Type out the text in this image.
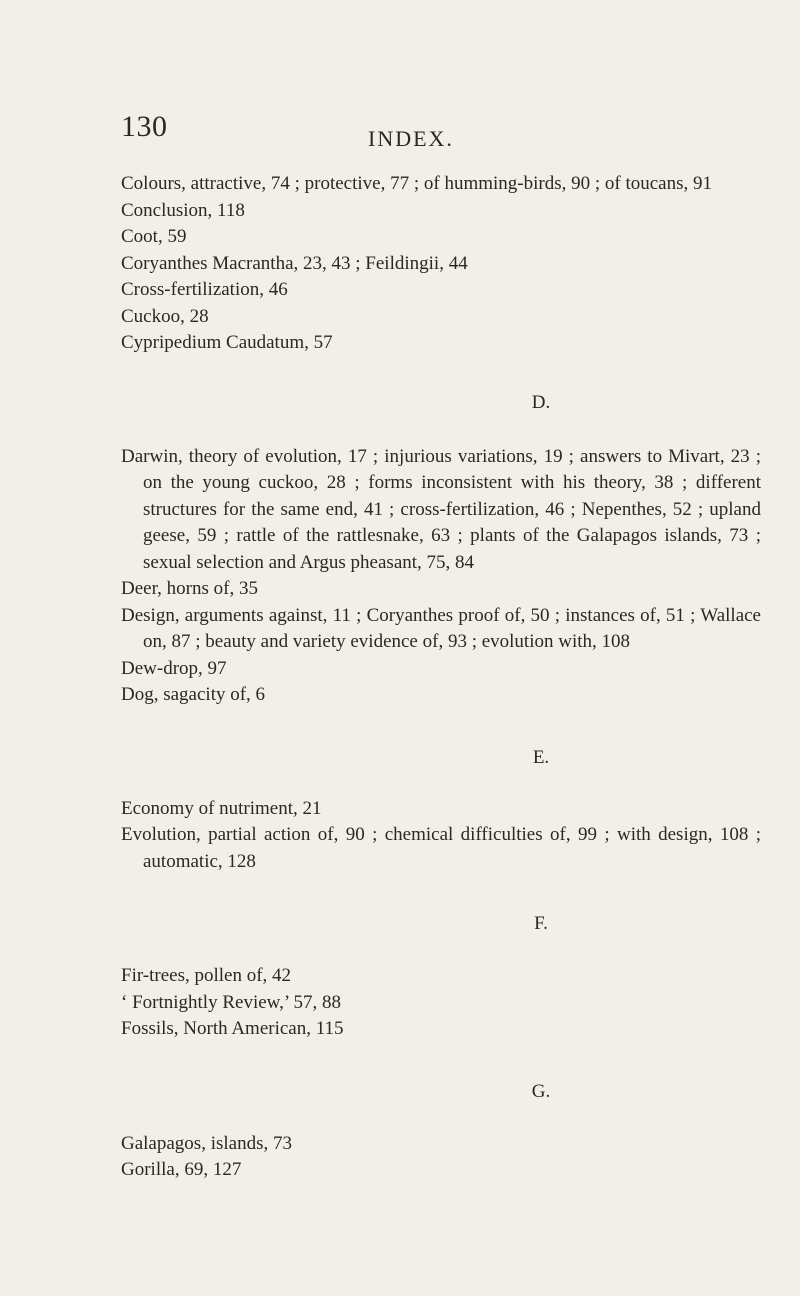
130	INDEX.

Colours, attractive, 74 ; protective, 77 ; of humming-birds, 90 ; of toucans, 91

Conclusion, 118

Coot, 59

Coryanthes Macrantha, 23, 43 ; Feildingii, 44

Cross-fertilization, 46

Cuckoo, 28

Cypripedium Caudatum, 57

D.

Darwin, theory of evolution, 17 ; injurious variations, 19 ; answers to Mivart, 23 ; on the young cuckoo, 28 ; forms inconsistent with his theory, 38 ; different structures for the same end, 41 ; cross-fertilization, 46 ; Nepenthes, 52 ; upland geese, 59 ; rattle of the rattlesnake, 63 ; plants of the Galapagos islands, 73 ; sexual selection and Argus pheasant, 75, 84

Deer, horns of, 35

Design, arguments against, 11 ; Coryanthes proof of, 50 ; instances of, 51 ; Wallace on, 87 ; beauty and variety evidence of, 93 ; evolution with, 108

Dew-drop, 97

Dog, sagacity of, 6

E.

Economy of nutriment, 21

Evolution, partial action of, 90 ; chemical difficulties of, 99 ; with design, 108 ; automatic, 128

F.

Fir-trees, pollen of, 42

‘ Fortnightly Review,’ 57, 88

Fossils, North American, 115

G.

Galapagos, islands, 73

Gorilla, 69, 127
